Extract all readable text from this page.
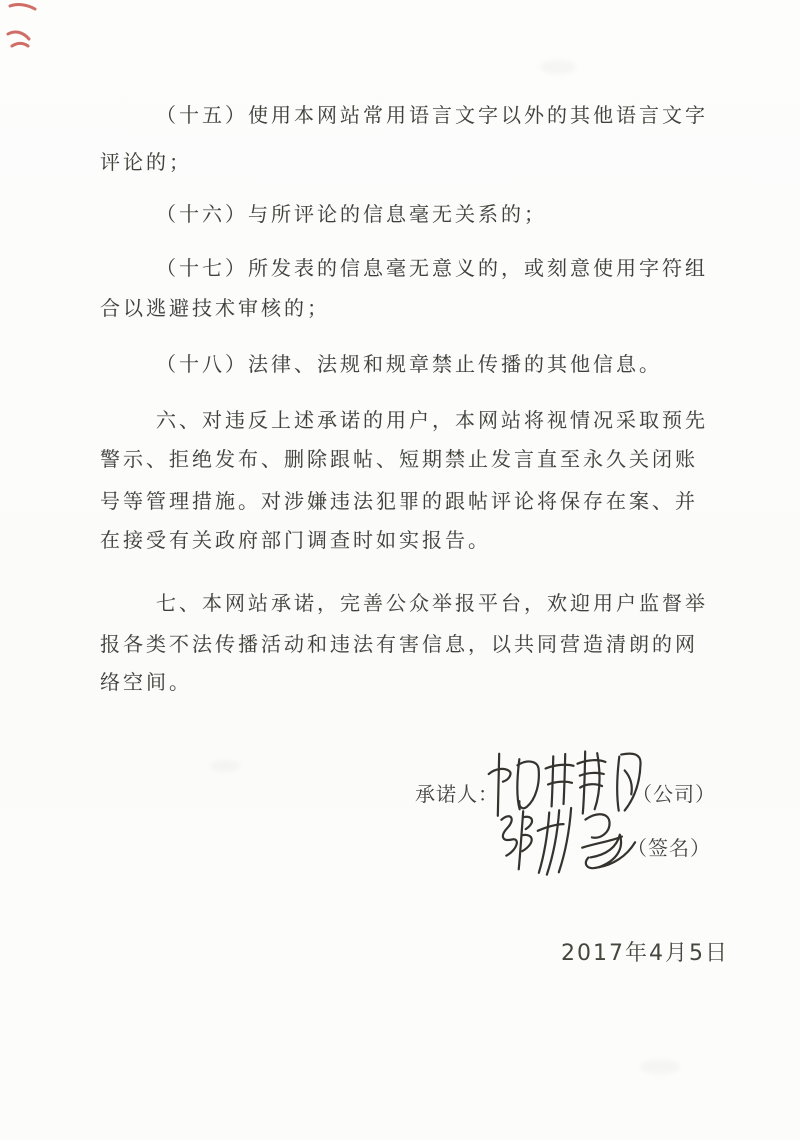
（十五）使用本网站常用语言文字以外的其他语言文字
评论的；
（十六）与所评论的信息毫无关系的；
（十七）所发表的信息毫无意义的，或刻意使用字符组
合以逃避技术审核的；
（十八）法律、法规和规章禁止传播的其他信息。
六、对违反上述承诺的用户，本网站将视情况采取预先
警示、拒绝发布、删除跟帖、短期禁止发言直至永久关闭账
号等管理措施。对涉嫌违法犯罪的跟帖评论将保存在案、并
在接受有关政府部门调查时如实报告。
七、本网站承诺，完善公众举报平台，欢迎用户监督举
报各类不法传播活动和违法有害信息，以共同营造清朗的网
络空间。
承诺人：	（公司）
（签名）
2017年4月5日
